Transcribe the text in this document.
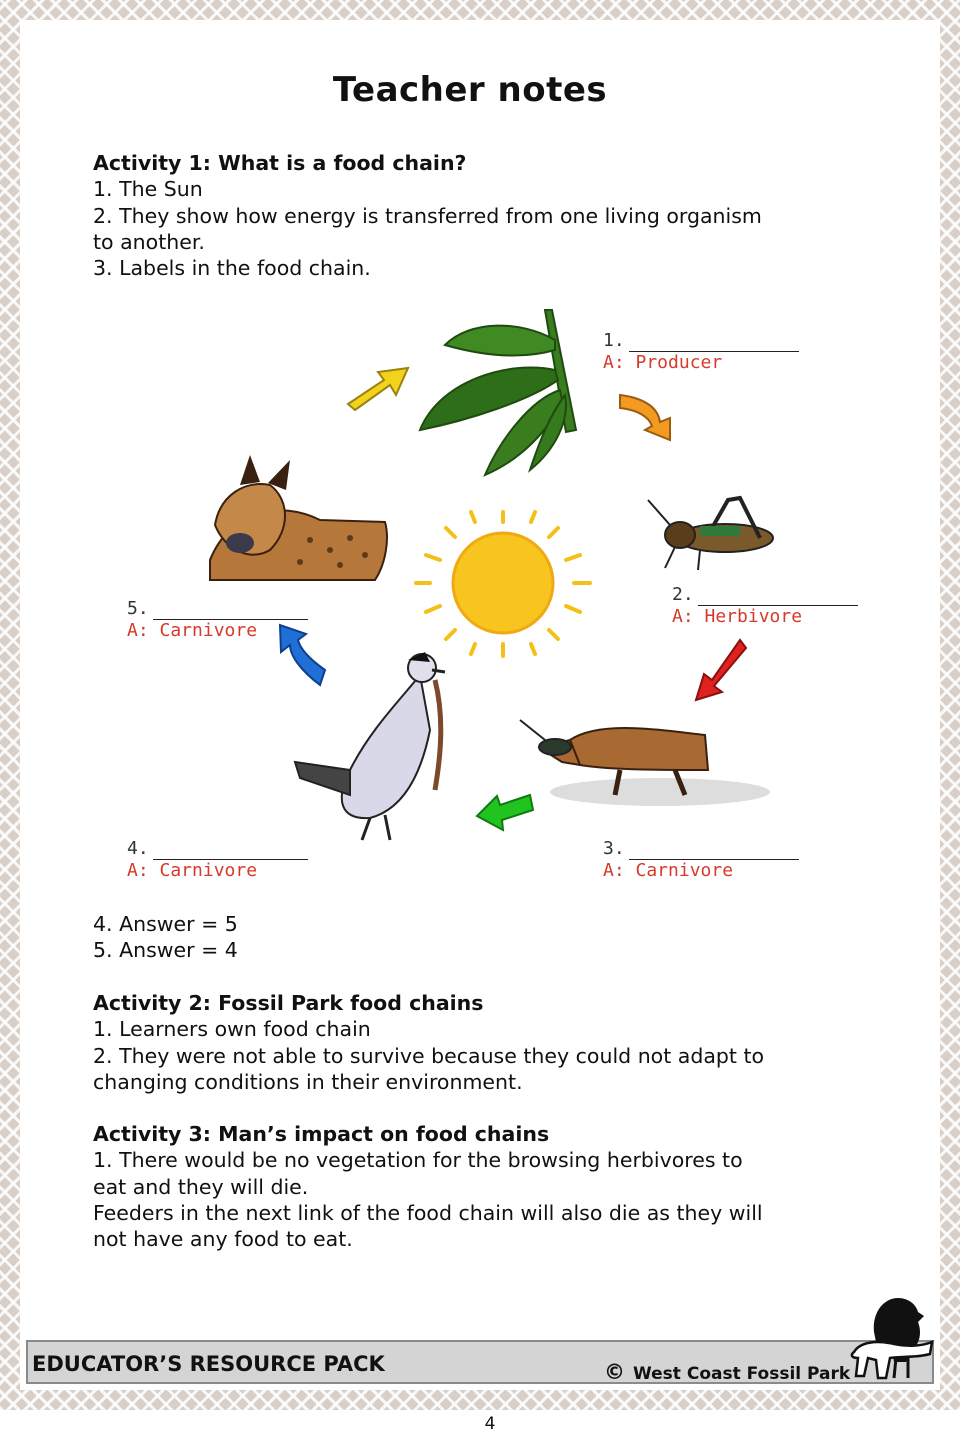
Teacher notes
Activity 1: What is a food chain?
1. The Sun
2. They show how energy is transferred from one living organism
to another.
3. Labels in the food chain.
1.
A: Producer
2.
A: Herbivore
3.
A: Carnivore
4.
A: Carnivore
5.
A: Carnivore
4. Answer = 5
5. Answer = 4
Activity 2: Fossil Park food chains
1. Learners own food chain
2. They were not able to survive because they could not adapt to
changing conditions in their environment.
Activity 3: Man’s impact on food chains
1. There would be no vegetation for the browsing herbivores to
eat and they will die.
Feeders in the next link of the food chain will also die as they will
not have any food to eat.
EDUCATOR’S RESOURCE PACK	© West Coast Fossil Park
4
